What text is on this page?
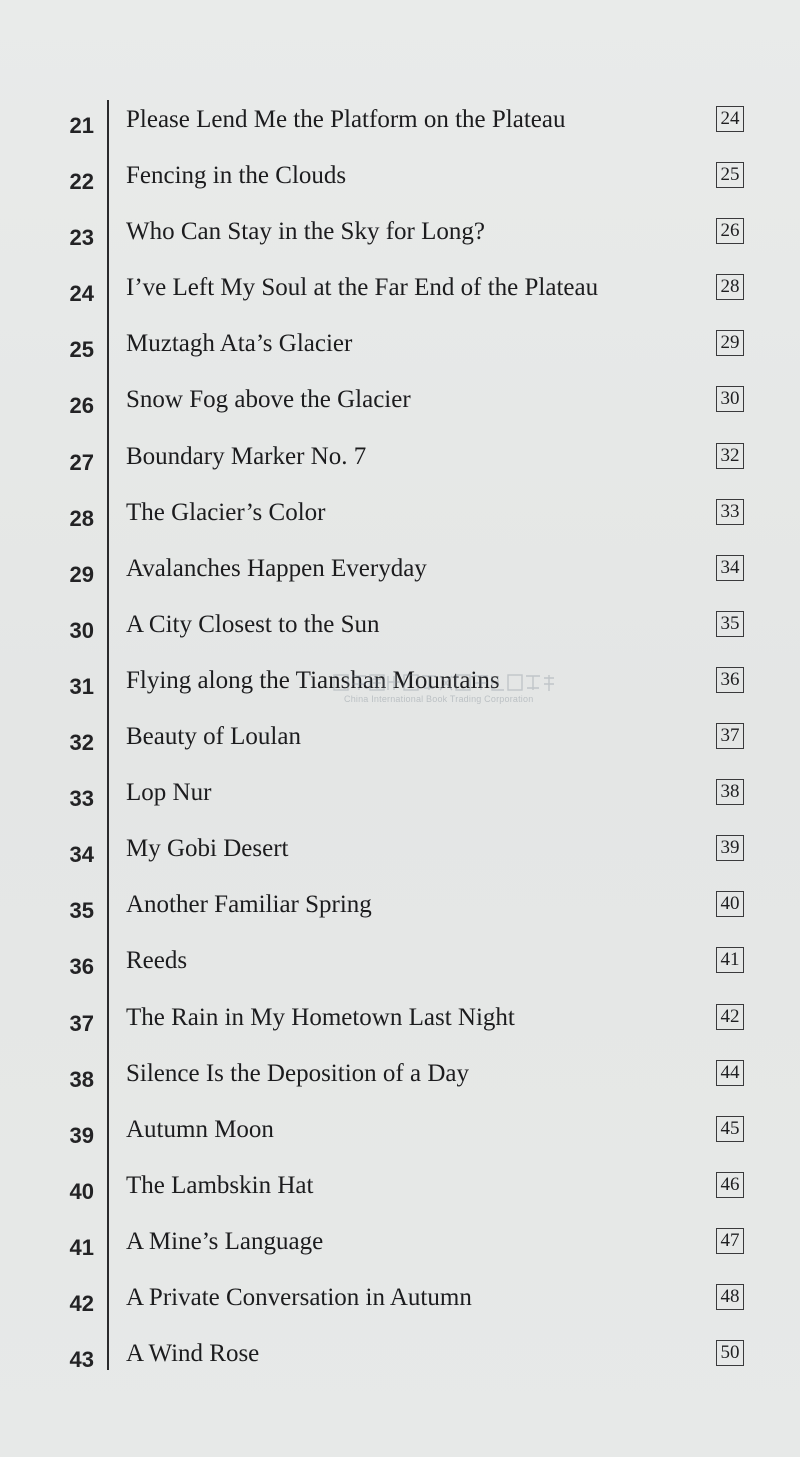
21 Please Lend Me the Platform on the Plateau	24
22 Fencing in the Clouds	25
23 Who Can Stay in the Sky for Long?	26
24 I’ve Left My Soul at the Far End of the Plateau	28
25 Muztagh Ata’s Glacier	29
26 Snow Fog above the Glacier	30
27 Boundary Marker No. 7	32
28 The Glacier’s Color	33
29 Avalanches Happen Everyday	34
30 A City Closest to the Sun	35
31 Flying along the Tianshan Mountains	36
32 Beauty of Loulan	37
33 Lop Nur	38
34 My Gobi Desert	39
35 Another Familiar Spring	40
36 Reeds	41
37 The Rain in My Hometown Last Night	42
38 Silence Is the Deposition of a Day	44
39 Autumn Moon	45
40 The Lambskin Hat	46
41 A Mine’s Language	47
42 A Private Conversation in Autumn	48
43 A Wind Rose	50
China International Book Trading Corporation
